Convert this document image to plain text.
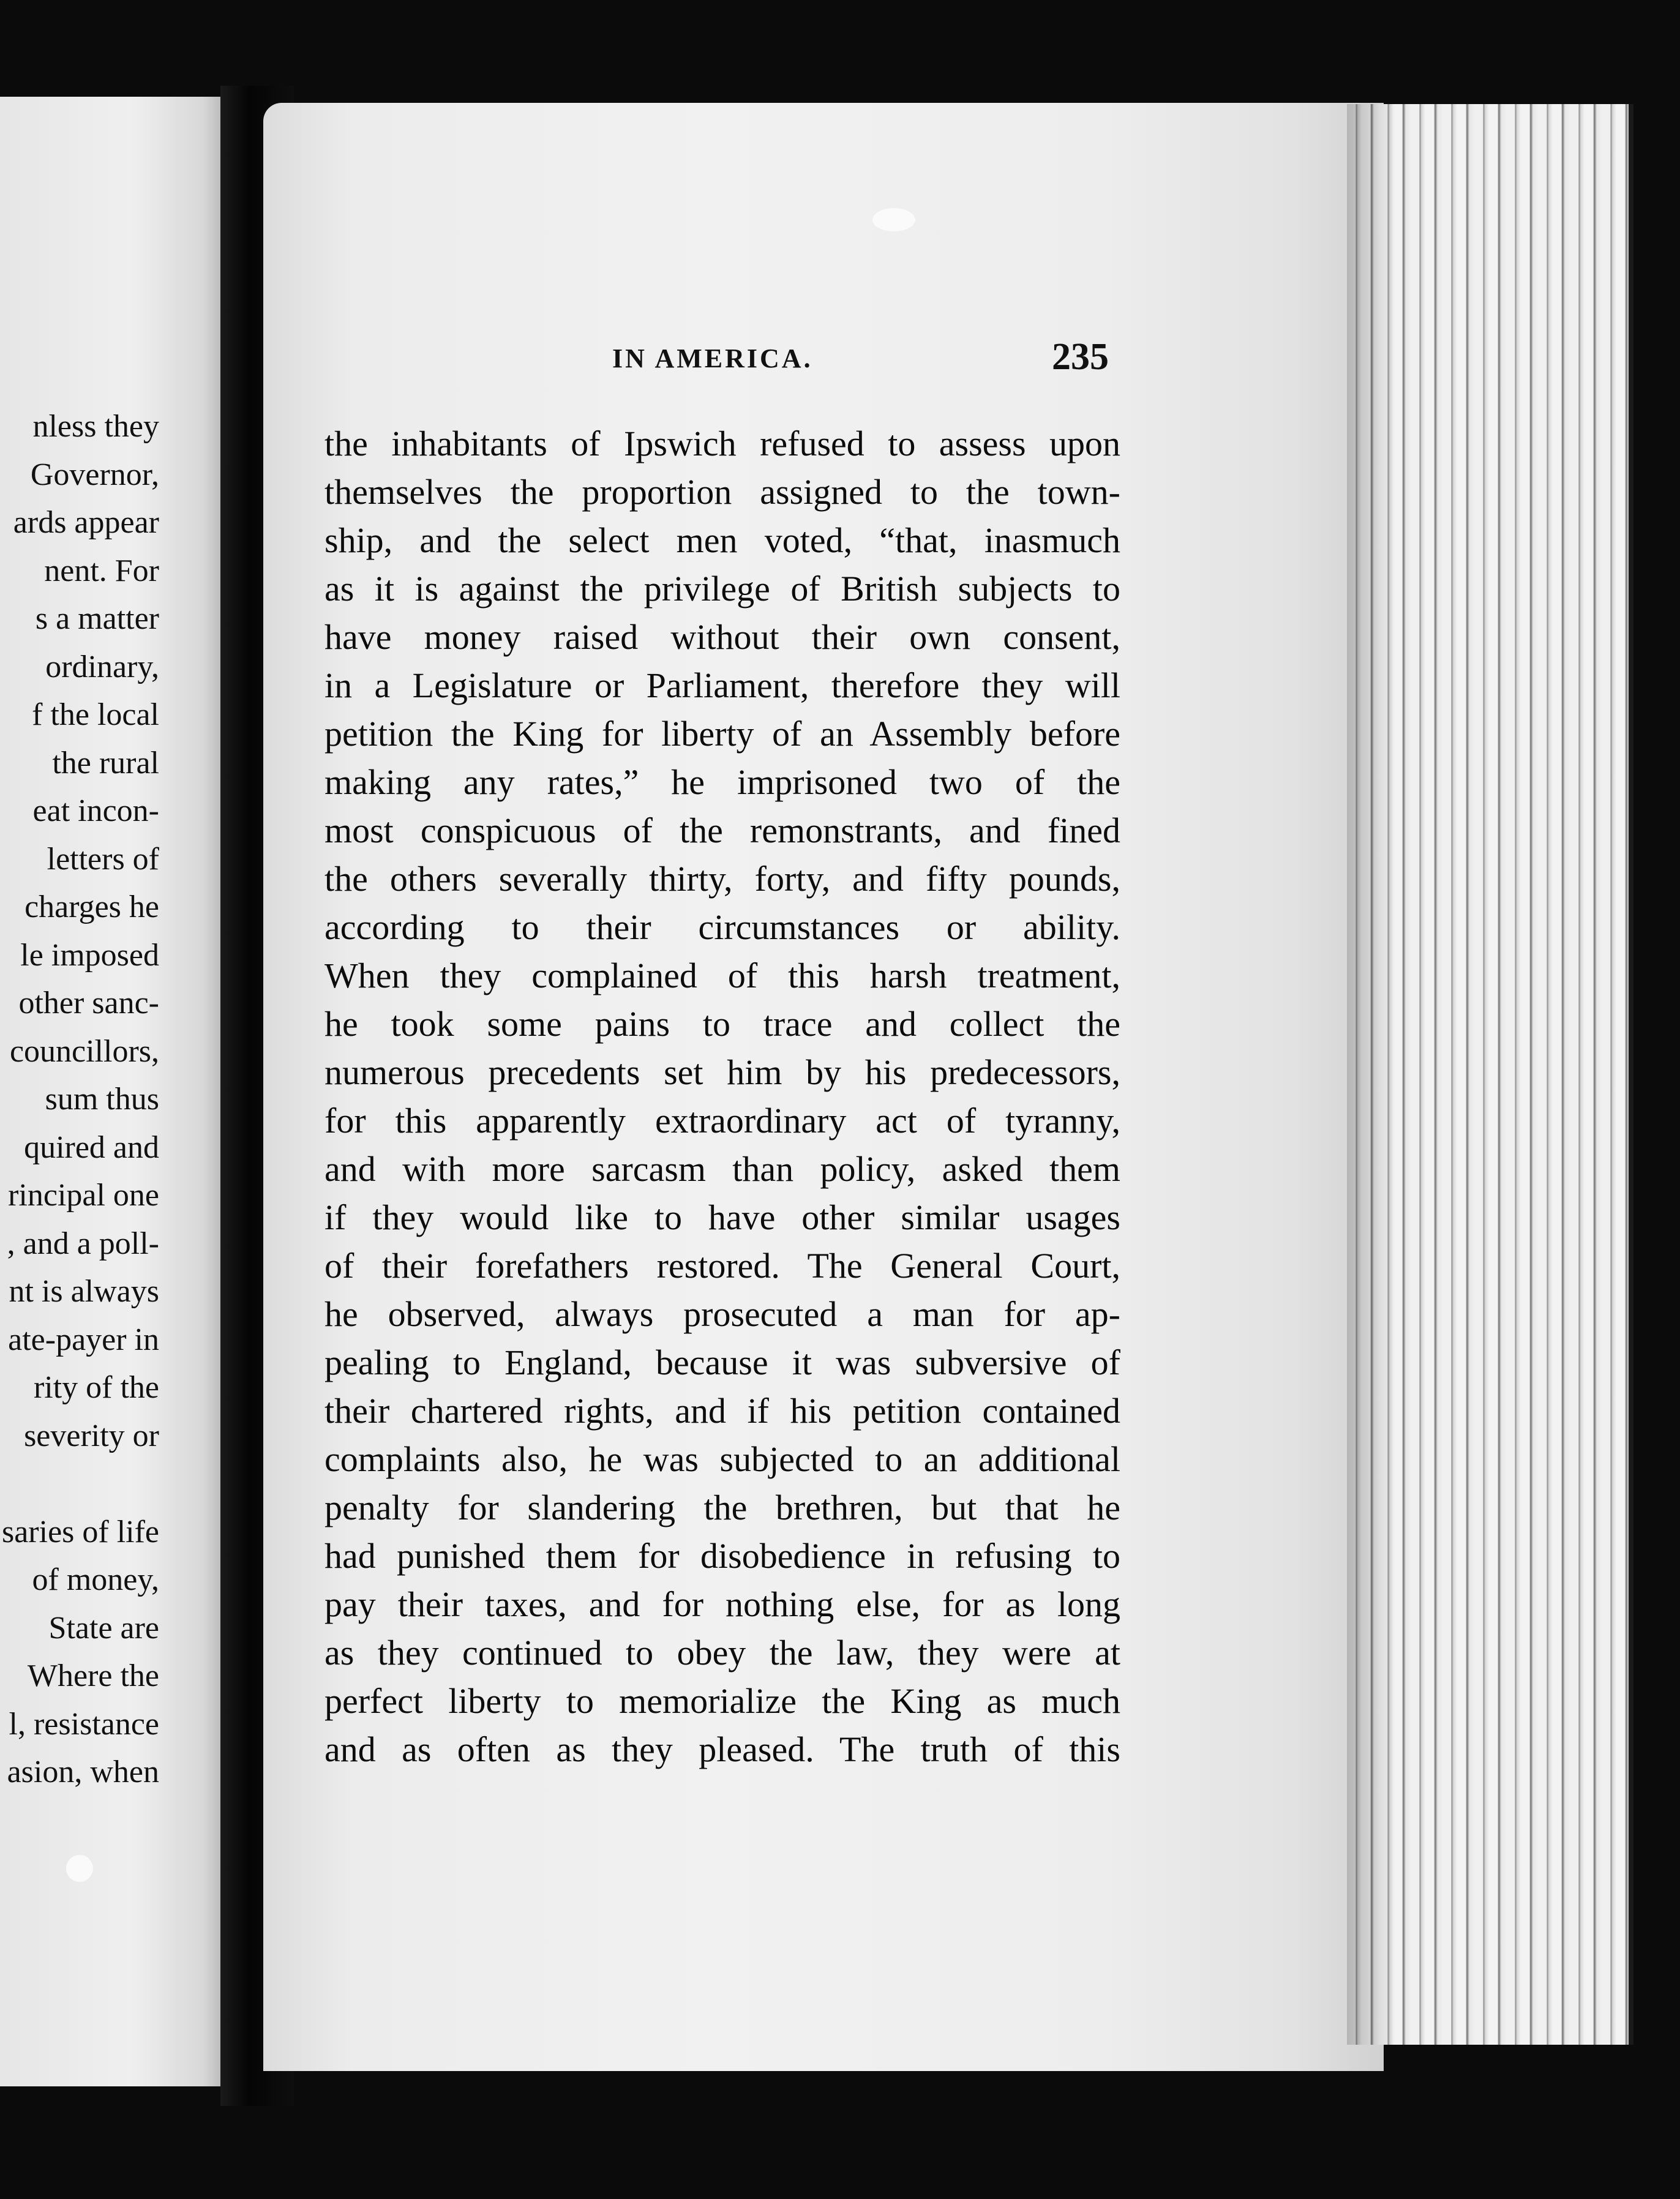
nless they
Governor,
ards appear
nent. For
s a matter
ordinary,
f the local
the rural
eat incon-
letters of
charges he
le imposed
other sanc-
councillors,
sum thus
quired and
rincipal one
, and a poll-
nt is always
ate-payer in
rity of the
severity or
saries of life
of money,
State are
Where the
l, resistance
asion, when
IN AMERICA.	235
the inhabitants of Ipswich refused to assess upon
themselves the proportion assigned to the town-
ship, and the select men voted, “that, inasmuch
as it is against the privilege of British subjects to
have money raised without their own consent,
in a Legislature or Parliament, therefore they will
petition the King for liberty of an Assembly before
making any rates,” he imprisoned two of the
most conspicuous of the remonstrants, and fined
the others severally thirty, forty, and fifty pounds,
according to their circumstances or ability.
When they complained of this harsh treatment,
he took some pains to trace and collect the
numerous precedents set him by his predecessors,
for this apparently extraordinary act of tyranny,
and with more sarcasm than policy, asked them
if they would like to have other similar usages
of their forefathers restored. The General Court,
he observed, always prosecuted a man for ap-
pealing to England, because it was subversive of
their chartered rights, and if his petition contained
complaints also, he was subjected to an additional
penalty for slandering the brethren, but that he
had punished them for disobedience in refusing to
pay their taxes, and for nothing else, for as long
as they continued to obey the law, they were at
perfect liberty to memorialize the King as much
and as often as they pleased. The truth of this
